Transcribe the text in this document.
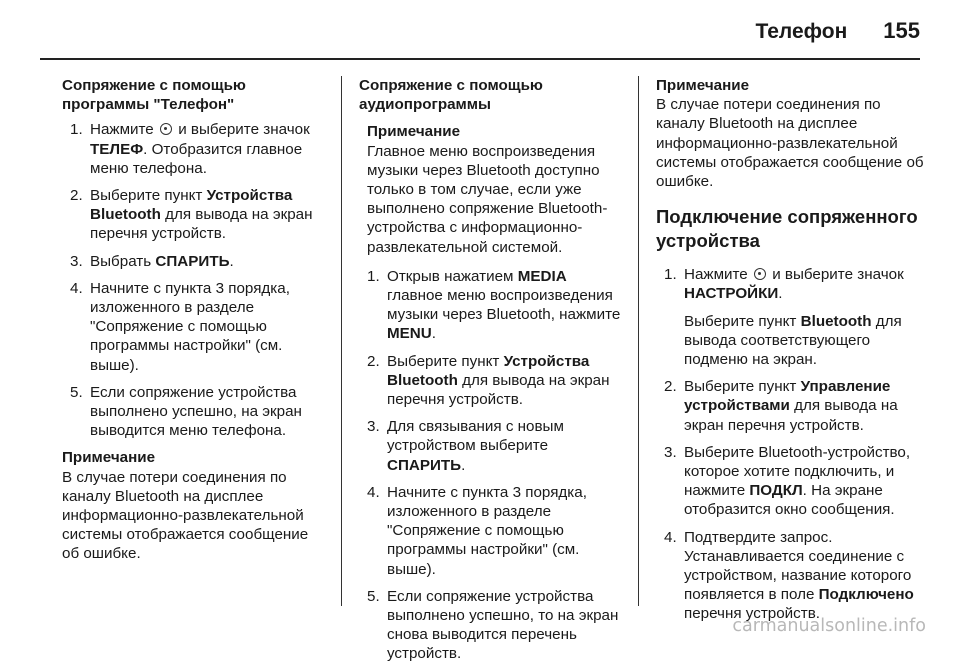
Телефон 155
Сопряжение с помощью программы "Телефон"
1. Нажмите и выберите значок ТЕЛЕФ. Отобразится главное меню телефона.
2. Выберите пункт Устройства Bluetooth для вывода на экран перечня устройств.
3. Выбрать СПАРИТЬ.
4. Начните с пункта 3 порядка, изложенного в разделе "Сопряжение с помощью программы настройки" (см. выше).
5. Если сопряжение устройства выполнено успешно, на экран выводится меню телефона.
Примечание
В случае потери соединения по каналу Bluetooth на дисплее информационно-развлекательной системы отображается сообщение об ошибке.
Сопряжение с помощью аудиопрограммы
Примечание
Главное меню воспроизведения музыки через Bluetooth доступно только в том случае, если уже выполнено сопряжение Bluetooth-устройства с информационно-развлекательной системой.
1. Открыв нажатием MEDIA главное меню воспроизведения музыки через Bluetooth, нажмите MENU.
2. Выберите пункт Устройства Bluetooth для вывода на экран перечня устройств.
3. Для связывания с новым устройством выберите СПАРИТЬ.
4. Начните с пункта 3 порядка, изложенного в разделе "Сопряжение с помощью программы настройки" (см. выше).
5. Если сопряжение устройства выполнено успешно, то на экран снова выводится перечень устройств.
Примечание
В случае потери соединения по каналу Bluetooth на дисплее информационно-развлекательной системы отображается сообщение об ошибке.
Подключение сопряженного устройства
1. Нажмите и выберите значок НАСТРОЙКИ.
Выберите пункт Bluetooth для вывода соответствующего подменю на экран.
2. Выберите пункт Управление устройствами для вывода на экран перечня устройств.
3. Выберите Bluetooth-устройство, которое хотите подключить, и нажмите ПОДКЛ. На экране отобразится окно сообщения.
4. Подтвердите запрос. Устанавливается соединение с устройством, название которого появляется в поле Подключено перечня устройств.
carmanualsonline.info
